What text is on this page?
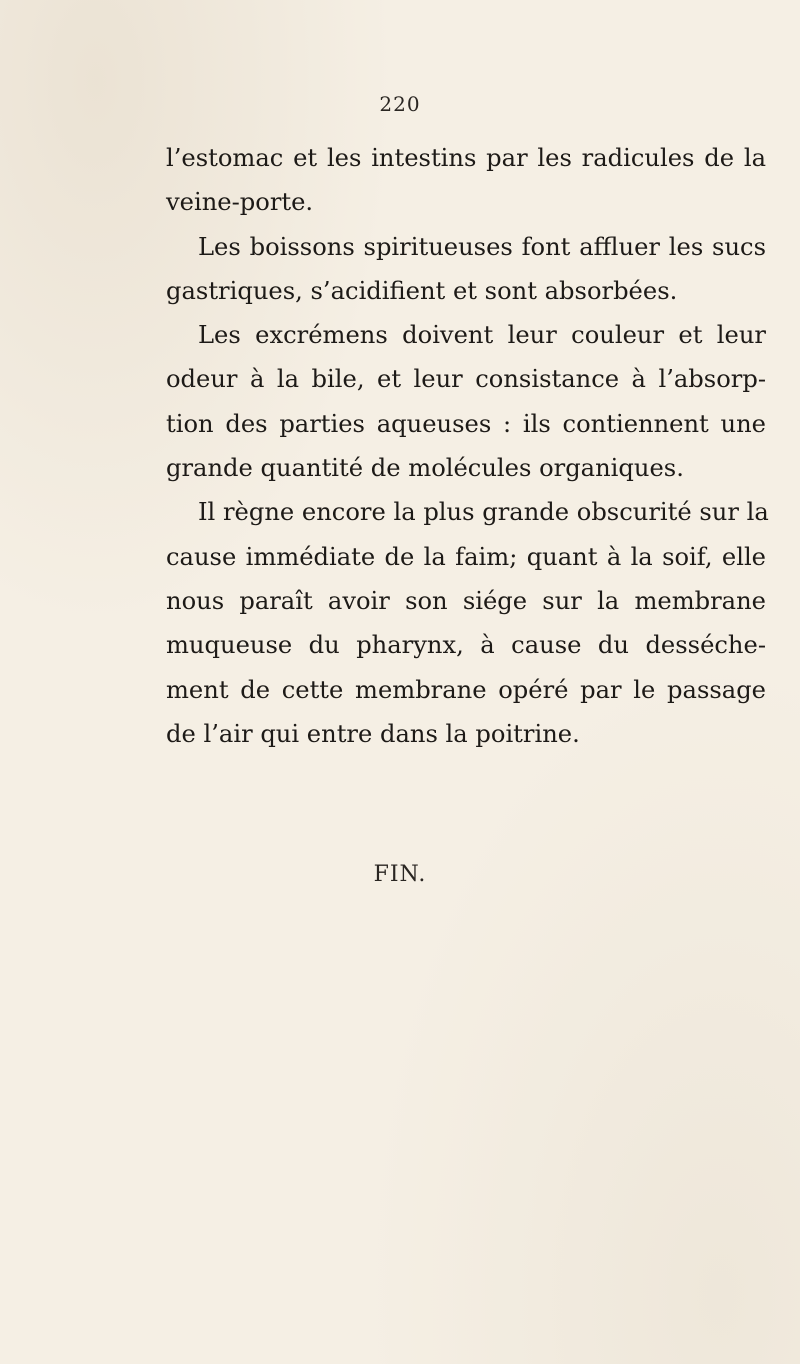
220
l’estomac et les intestins par les radicules de la
veine-porte.
Les boissons spiritueuses font affluer les sucs
gastriques, s’acidifient et sont absorbées.
Les excrémens doivent leur couleur et leur
odeur à la bile, et leur consistance à l’absorp-
tion des parties aqueuses : ils contiennent une
grande quantité de molécules organiques.
Il règne encore la plus grande obscurité sur la
cause immédiate de la faim; quant à la soif, elle
nous paraît avoir son siége sur la membrane
muqueuse du pharynx, à cause du desséche-
ment de cette membrane opéré par le passage
de l’air qui entre dans la poitrine.
FIN.
